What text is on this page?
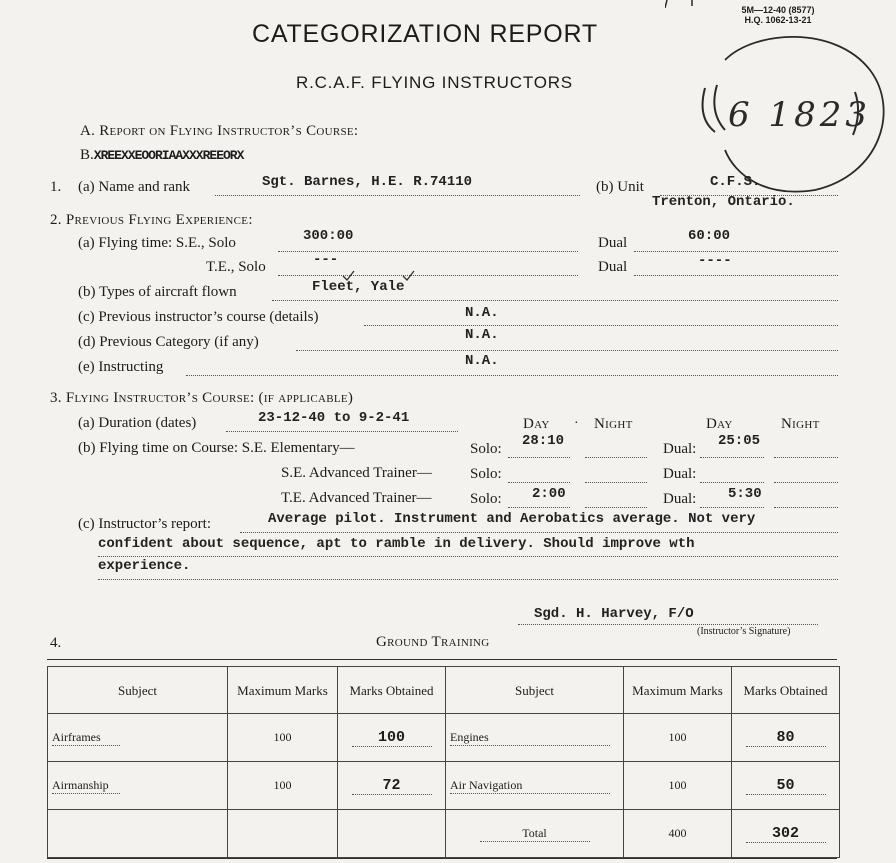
5M—12-40 (8577)
H.Q. 1062-13-21
CATEGORIZATION REPORT
R.C.A.F. FLYING INSTRUCTORS
6 1823
A. Report on Flying Instructor’s Course:
B.XREEXXEOORIAAXXXREEORX
1. (a) Name and rank	Sgt. Barnes, H.E. R.74110	(b) Unit	C.F.S.
Trenton, Ontario.
2. Previous Flying Experience:
(a) Flying time: S.E., Solo	300:00	Dual	60:00
T.E., Solo	---	Dual	----
(b) Types of aircraft flown	Fleet, Yale
(c) Previous instructor’s course (details)	N.A.
(d) Previous Category (if any)	N.A.
(e) Instructing	N.A.
3. Flying Instructor’s Course: (if applicable)
(a) Duration (dates)	23-12-40 to 9-2-41	Day · Night	Day	Night
(b) Flying time on Course: S.E. Elementary—	Solo: 28:10	Dual: 25:05
S.E. Advanced Trainer—	Solo:	Dual:
T.E. Advanced Trainer—	Solo: 2:00	Dual: 5:30
(c) Instructor’s report:	Average pilot. Instrument and Aerobatics average. Not very
confident about sequence, apt to ramble in delivery. Should improve wth
experience.
Sgd. H. Harvey, F/O
(Instructor’s Signature)
4.	Ground Training
Subject	Maximum Marks	Marks Obtained	Subject	Maximum Marks	Marks Obtained
Airframes	100	100	Engines	100	80
Airmanship	100	72	Air Navigation	100	50
			Total	400	302
